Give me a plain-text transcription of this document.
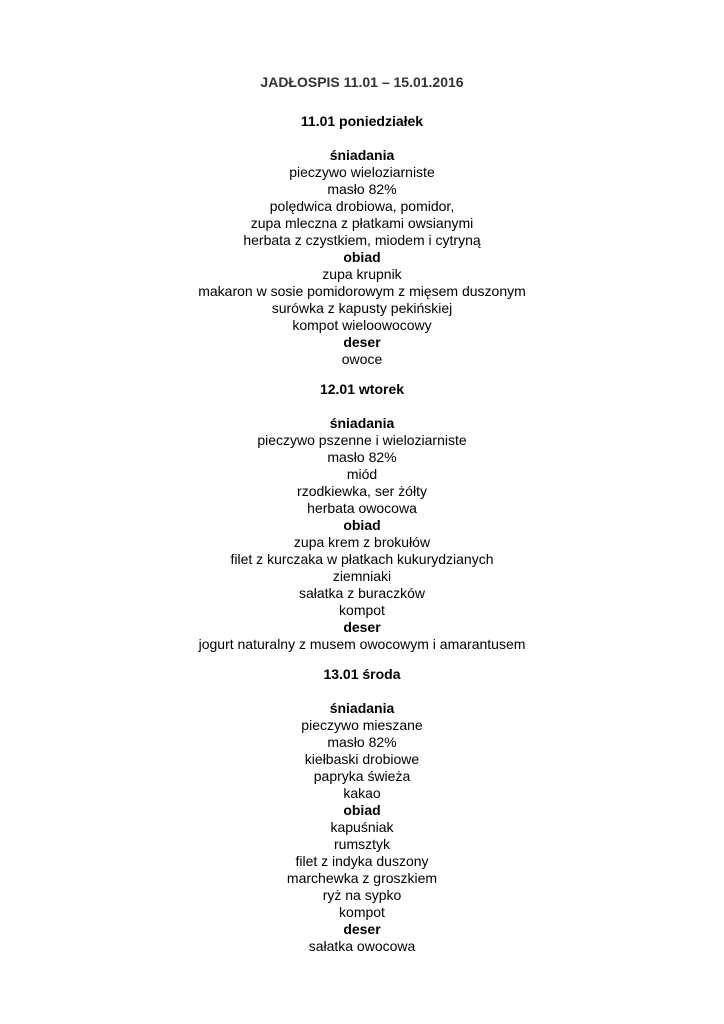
JADŁOSPIS 11.01 – 15.01.2016
11.01 poniedziałek
śniadania
pieczywo wieloziarniste
masło 82%
polędwica drobiowa, pomidor,
zupa mleczna z płatkami owsianymi
herbata z czystkiem, miodem i cytryną
obiad
zupa krupnik
makaron w sosie pomidorowym z mięsem duszonym
surówka z kapusty pekińskiej
kompot wieloowocowy
deser
owoce
12.01 wtorek
śniadania
pieczywo pszenne i wieloziarniste
masło 82%
miód
rzodkiewka, ser żółty
herbata owocowa
obiad
zupa krem z brokułów
filet z kurczaka w płatkach kukurydzianych
ziemniaki
sałatka z buraczków
kompot
deser
jogurt naturalny z musem owocowym i amarantusem
13.01 środa
śniadania
pieczywo mieszane
masło 82%
kiełbaski drobiowe
papryka świeża
kakao
obiad
kapuśniak
rumsztyk
filet z indyka duszony
marchewka z groszkiem
ryż na sypko
kompot
deser
sałatka owocowa
